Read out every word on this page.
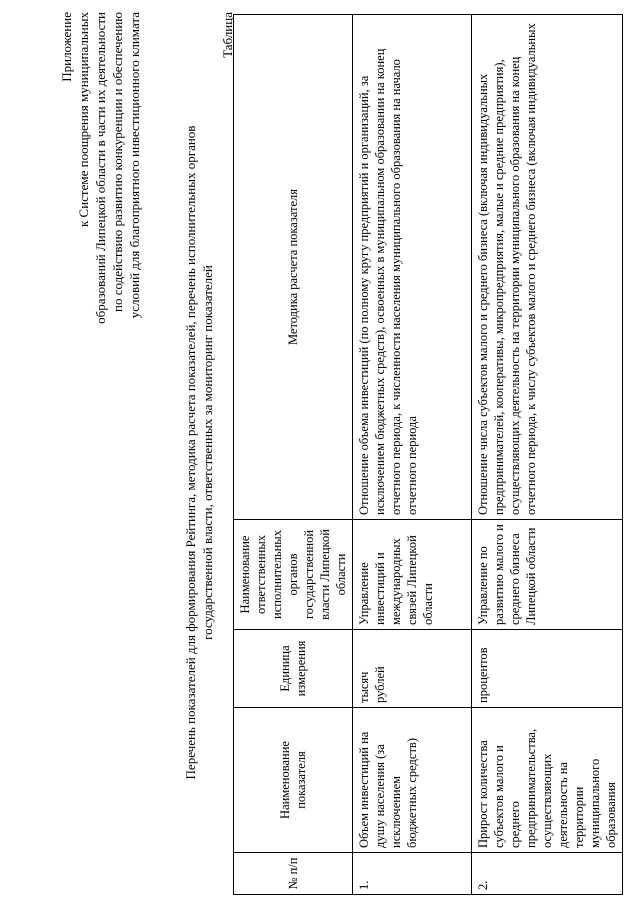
Приложение к Системе поощрения муниципальных образований Липецкой области в части их деятельности по содействию развитию конкуренции и обеспечению условий для благоприятного инвестиционного климата	Перечень показателей для формирования Рейтинга, методика расчета показателей, перечень исполнительных органов государственной власти, ответственных за мониторинг показателей
Таблица
№ п/п	Наименование показателя	Единица измерения	Наименование ответственных исполнительных органов государственной власти Липецкой области	Методика расчета показателя
1.	Объем инвестиций на душу населения (за исключением бюджетных средств)	тысяч рублей	Управление инвестиций и международных связей Липецкой области	Отношение объема инвестиций (по полному кругу предприятий и организаций, за исключением бюджетных средств), освоенных в муниципальном образовании на конец отчетного периода, к численности населения муниципального образования на начало отчетного периода
2.	Прирост количества субъектов малого и среднего предпринимательства, осуществляющих деятельность на территории муниципального образования	процентов	Управление по развитию малого и среднего бизнеса Липецкой области	Отношение числа субъектов малого и среднего бизнеса (включая индивидуальных предпринимателей, кооперативы, микропредприятия, малые и средние предприятия), осуществляющих деятельность на территории муниципального образования на конец отчетного периода, к числу субъектов малого и среднего бизнеса (включая индивидуальных
